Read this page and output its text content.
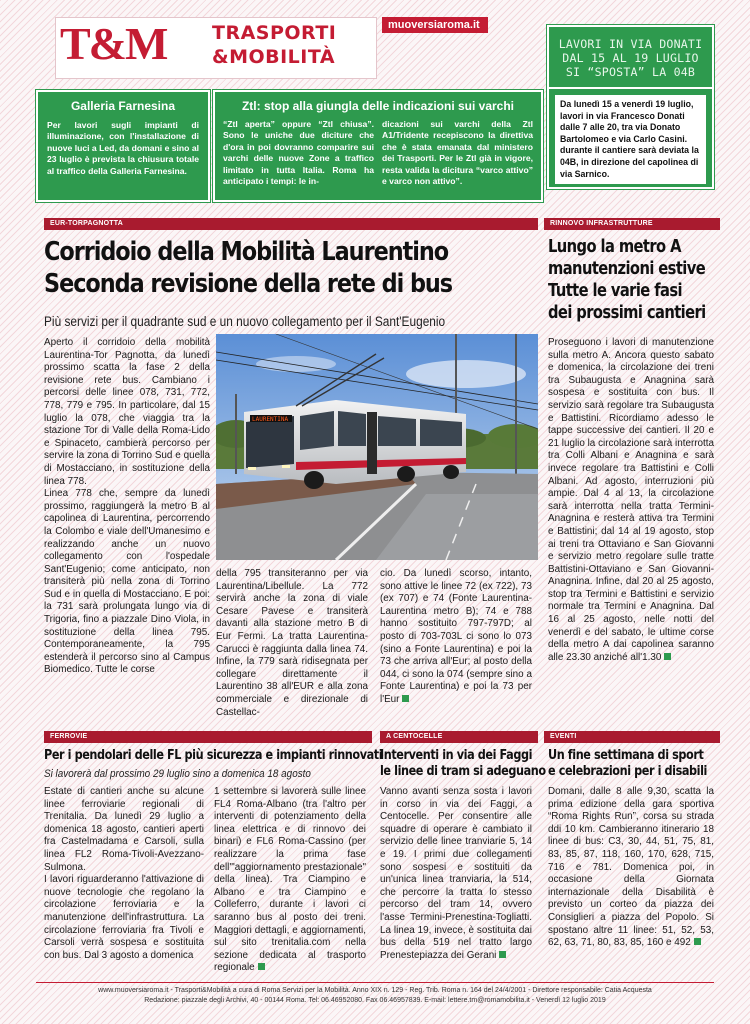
T&M TRASPORTI
&MOBILITÀ
muoversiaroma.it
Galleria Farnesina
Per lavori sugli impianti di illuminazione, con l'installazione di nuove luci a Led, da domani e sino al 23 luglio è prevista la chiusura totale al traffico della Galleria Farnesina.
Ztl: stop alla giungla delle indicazioni sui varchi
“Ztl aperta” oppure “Ztl chiusa”. Sono le uniche due diciture che d'ora in poi dovranno comparire sui varchi delle nuove Zone a traffico limitato in tutta Italia. Roma ha anticipato i tempi: le in-
dicazioni sui varchi della Ztl A1/Tridente recepiscono la direttiva che è stata emanata dal ministero dei Trasporti. Per le Ztl già in vigore, resta valida la dicitura “varco attivo” e varco non attivo”.
LAVORI IN VIA DONATI
DAL 15 AL 19 LUGLIO
SI “SPOSTA” LA 04B
Da lunedì 15 a venerdì 19 luglio, lavori in via Francesco Donati dalle 7 alle 20, tra via Donato Bartolomeo e via Carlo Casini. durante il cantiere sarà deviata la 04B, in direzione del capolinea di via Sarnico.
EUR-TORPAGNOTTA
Corridoio della Mobilità Laurentino
Seconda revisione della rete di bus
Più servizi per il quadrante sud e un nuovo collegamento per il Sant'Eugenio
Aperto il corridoio della mobilità Laurentina-Tor Pagnotta, da lunedì prossimo scatta la fase 2 della revisione rete bus. Cambiano i percorsi delle linee 078, 731, 772, 778, 779 e 795. In particolare, dal 15 luglio la 078, che viaggia tra la stazione Tor di Valle della Roma-Lido e Spinaceto, cambierà percorso per servire la zona di Torrino Sud e quella di Mostacciano, in sostituzione della linea 778.
Linea 778 che, sempre da lunedì prossimo, raggiungerà la metro B al capolinea di Laurentina, percorrendo la Colombo e viale dell'Umanesimo e realizzando anche un nuovo collegamento con l'ospedale Sant'Eugenio; come anticipato, non transiterà più nella zona di Torrino Sud e in quella di Mostacciano. E poi: la 731 sarà prolungata lungo via di Trigoria, fino a piazzale Dino Viola, in sostituzione della linea 795. Contemporaneamente, la 795 estenderà il percorso sino al Campus Biomedico. Tutte le corse
LAURENTINA
della 795 transiteranno per via Laurentina/Libellule. La 772 servirà anche la zona di viale Cesare Pavese e transiterà davanti alla stazione metro B di Eur Fermi. La tratta Laurentina-Carucci è raggiunta dalla linea 74. Infine, la 779 sarà ridisegnata per collegare direttamente il Laurentino 38 all'EUR e alla zona commerciale e direzionale di Castellac-
cio. Da lunedì scorso, intanto, sono attive le linee 72 (ex 722), 73 (ex 707) e 74 (Fonte Laurentina-Laurentina metro B); 74 e 788 hanno sostituito 797-797D; al posto di 703-703L ci sono lo 073 (sino a Fonte Laurentina) e poi la 73 che arriva all'Eur; al posto della 044, ci sono la 074 (sempre sino a Fonte Laurentina) e poi la 73 per l'Eur
RINNOVO INFRASTRUTTURE
Lungo la metro A
manutenzioni estive
Tutte le varie fasi
dei prossimi cantieri
Proseguono i lavori di manutenzione sulla metro A. Ancora questo sabato e domenica, la circolazione dei treni tra Subaugusta e Anagnina sarà sospesa e sostituita con bus. Il servizio sarà regolare tra Subaugusta e Battistini. Ricordiamo adesso le tappe successive dei cantieri. Il 20 e 21 luglio la circolazione sarà interrotta tra Colli Albani e Anagnina e sarà invece regolare tra Battistini e Colli Albani. Ad agosto, interruzioni più ampie. Dal 4 al 13, la circolazione sarà interrotta nella tratta Termini-Anagnina e resterà attiva tra Termini e Battistini; dal 14 al 19 agosto, stop ai treni tra Ottaviano e San Giovanni e servizio metro regolare sulle tratte Battistini-Ottaviano e San Giovanni-Anagnina. Infine, dal 20 al 25 agosto, stop tra Termini e Battistini e servizio normale tra Termini e Anagnina. Dal 16 al 25 agosto, nelle notti del venerdì e del sabato, le ultime corse della metro A dai capolinea saranno alle 23.30 anziché all'1.30
FERROVIE
Per i pendolari delle FL più sicurezza e impianti rinnovati
Si lavorerà dal prossimo 29 luglio sino a domenica 18 agosto
Estate di cantieri anche su alcune linee ferroviarie regionali di Trenitalia. Da lunedì 29 luglio a domenica 18 agosto, cantieri aperti fra Castelmadama e Carsoli, sulla linea FL2 Roma-Tivoli-Avezzano-Sulmona.
I lavori riguarderanno l'attivazione di nuove tecnologie che regolano la circolazione ferroviaria e la manutenzione dell'infrastruttura. La circolazione ferroviaria fra Tivoli e Carsoli verrà sospesa e sostituita con bus. Dal 3 agosto a domenica
1 settembre si lavorerà sulle linee FL4 Roma-Albano (tra l'altro per interventi di potenziamento della linea elettrica e di rinnovo dei binari) e FL6 Roma-Cassino (per realizzare la prima fase dell'"aggiornamento prestazionale" della linea). Tra Ciampino e Albano e tra Ciampino e Colleferro, durante i lavori ci saranno bus al posto dei treni. Maggiori dettagli, e aggiornamenti, sul sito trenitalia.com nella sezione dedicata al trasporto regionale
A CENTOCELLE
Interventi in via dei Faggi
le linee di tram si adeguano
Vanno avanti senza sosta i lavori in corso in via dei Faggi, a Centocelle. Per consentire alle squadre di operare è cambiato il servizio delle linee tranviarie 5, 14 e 19. I primi due collegamenti sono sospesi e sostituiti da un'unica linea tranviaria, la 514, che percorre la tratta lo stesso percorso del tram 14, ovvero l'asse Termini-Prenestina-Togliatti. La linea 19, invece, è sostituita dai bus della 519 nel tratto largo Prenestepiazza dei Gerani
EVENTI
Un fine settimana di sport
e celebrazioni per i disabili
Domani, dalle 8 alle 9,30, scatta la prima edizione della gara sportiva “Roma Rights Run”, corsa su strada ddi 10 km. Cambieranno itinerario 18 linee di bus: C3, 30, 44, 51, 75, 81, 83, 85, 87, 118, 160, 170, 628, 715, 716 e 781. Domenica poi, in occasione della Giornata internazionale della Disabilità è previsto un corteo da piazza dei Consiglieri a piazza del Popolo. Si spostano altre 11 linee: 51, 52, 53, 62, 63, 71, 80, 83, 85, 160 e 492
www.muoversiaroma.it - Trasporti&Mobilità a cura di Roma Servizi per la Mobilità. Anno XIX n. 129 - Reg. Trib. Roma n. 164 del 24/4/2001 - Direttore responsabile: Catia Acquesta
Redazione: piazzale degli Archivi, 40 - 00144 Roma. Tel: 06.46952080. Fax 06.46957839. E-mail: lettere.tm@romamobilita.it - Venerdì 12 luglio 2019
